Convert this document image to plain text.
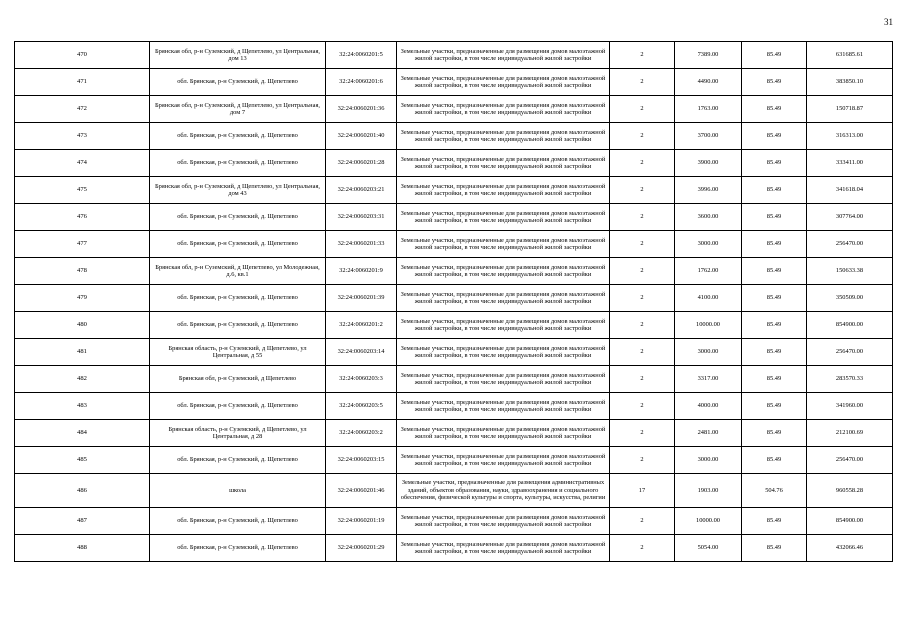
31
470	Брянская обл, р-н Суземский, д Щепетлево, ул Центральная, дом 13	32:24:0060201:5	Земельные участки, предназначенные для размещения домов малоэтажной жилой застройки, в том числе индивидуальной жилой застройки	2	7389.00	85.49	631685.61
471	обл. Брянская, р-н Суземский, д. Щепетлево	32:24:0060201:6	Земельные участки, предназначенные для размещения домов малоэтажной жилой застройки, в том числе индивидуальной жилой застройки	2	4490.00	85.49	383850.10
472	Брянская обл, р-н Суземский, д Щепетлево, ул Центральная, дом 7	32:24:0060201:36	Земельные участки, предназначенные для размещения домов малоэтажной жилой застройки, в том числе индивидуальной жилой застройки	2	1763.00	85.49	150718.87
473	обл. Брянская, р-н Суземский, д. Щепетлево	32:24:0060201:40	Земельные участки, предназначенные для размещения домов малоэтажной жилой застройки, в том числе индивидуальной жилой застройки	2	3700.00	85.49	316313.00
474	обл. Брянская, р-н Суземский, д. Щепетлево	32:24:0060201:28	Земельные участки, предназначенные для размещения домов малоэтажной жилой застройки, в том числе индивидуальной жилой застройки	2	3900.00	85.49	333411.00
475	Брянская обл, р-н Суземский, д Щепетлево, ул Центральная, дом 43	32:24:0060203:21	Земельные участки, предназначенные для размещения домов малоэтажной жилой застройки, в том числе индивидуальной жилой застройки	2	3996.00	85.49	341618.04
476	обл. Брянская, р-н Суземский, д. Щепетлево	32:24:0060203:31	Земельные участки, предназначенные для размещения домов малоэтажной жилой застройки, в том числе индивидуальной жилой застройки	2	3600.00	85.49	307764.00
477	обл. Брянская, р-н Суземский, д. Щепетлево	32:24:0060201:33	Земельные участки, предназначенные для размещения домов малоэтажной жилой застройки, в том числе индивидуальной жилой застройки	2	3000.00	85.49	256470.00
478	Брянская обл, р-н Суземский, д Щепетлево, ул Молодежная, д.6, кв.1	32:24:0060201:9	Земельные участки, предназначенные для размещения домов малоэтажной жилой застройки, в том числе индивидуальной жилой застройки	2	1762.00	85.49	150633.38
479	обл. Брянская, р-н Суземский, д. Щепетлево	32:24:0060201:39	Земельные участки, предназначенные для размещения домов малоэтажной жилой застройки, в том числе индивидуальной жилой застройки	2	4100.00	85.49	350509.00
480	обл. Брянская, р-н Суземский, д. Щепетлево	32:24:0060201:2	Земельные участки, предназначенные для размещения домов малоэтажной жилой застройки, в том числе индивидуальной жилой застройки	2	10000.00	85.49	854900.00
481	Брянская область, р-н Суземский, д Щепетлево, ул Центральная, д 55	32:24:0060203:14	Земельные участки, предназначенные для размещения домов малоэтажной жилой застройки, в том числе индивидуальной жилой застройки	2	3000.00	85.49	256470.00
482	Брянская обл, р-н Суземский, д Щепетлево	32:24:0060203:3	Земельные участки, предназначенные для размещения домов малоэтажной жилой застройки, в том числе индивидуальной жилой застройки	2	3317.00	85.49	283570.33
483	обл. Брянская, р-н Суземский, д. Щепетлево	32:24:0060203:5	Земельные участки, предназначенные для размещения домов малоэтажной жилой застройки, в том числе индивидуальной жилой застройки	2	4000.00	85.49	341960.00
484	Брянская область, р-н Суземский, д Щепетлево, ул Центральная, д 28	32:24:0060203:2	Земельные участки, предназначенные для размещения домов малоэтажной жилой застройки, в том числе индивидуальной жилой застройки	2	2481.00	85.49	212100.69
485	обл. Брянская, р-н Суземский, д. Щепетлево	32:24:0060203:15	Земельные участки, предназначенные для размещения домов малоэтажной жилой застройки, в том числе индивидуальной жилой застройки	2	3000.00	85.49	256470.00
486	школа	32:24:0060201:46	Земельные участки, предназначенные для размещения административных зданий, объектов образования, науки, здравоохранения и социального обеспечения, физической культуры и спорта, культуры, искусства, религии	17	1903.00	504.76	960558.28
487	обл. Брянская, р-н Суземский, д. Щепетлево	32:24:0060201:19	Земельные участки, предназначенные для размещения домов малоэтажной жилой застройки, в том числе индивидуальной жилой застройки	2	10000.00	85.49	854900.00
488	обл. Брянская, р-н Суземский, д. Щепетлево	32:24:0060201:29	Земельные участки, предназначенные для размещения домов малоэтажной жилой застройки, в том числе индивидуальной жилой застройки	2	5054.00	85.49	432066.46
